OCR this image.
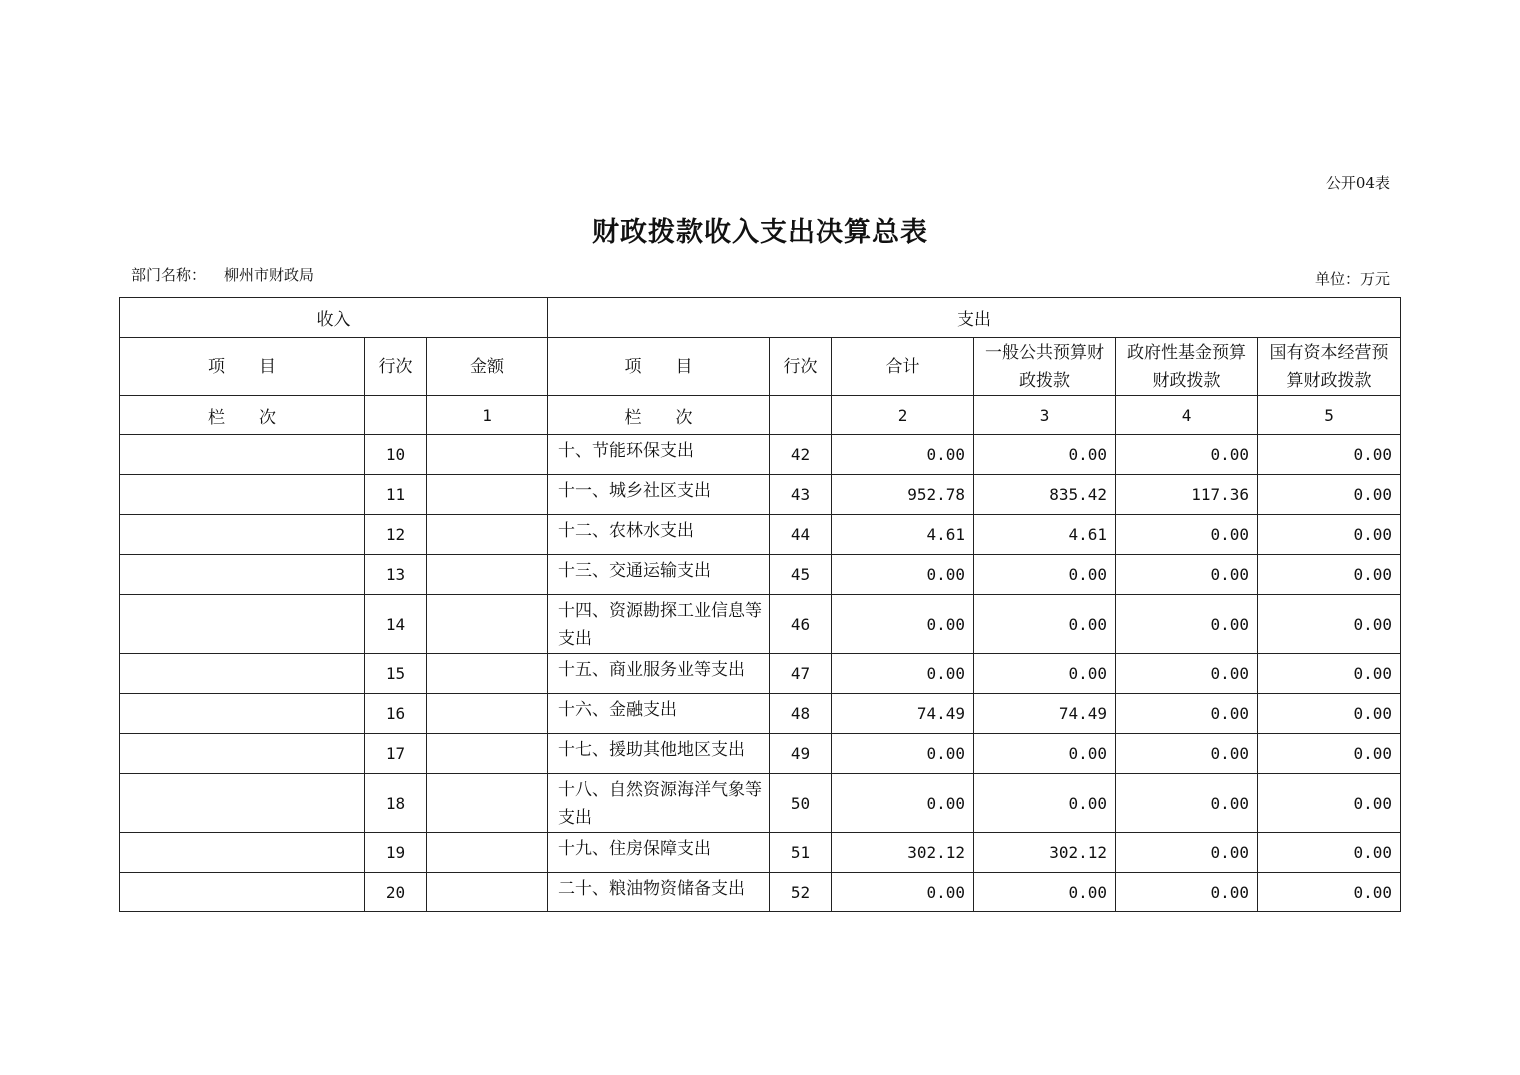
公开04表
财政拨款收入支出决算总表
部门名称： 柳州市财政局	单位：万元
收入			支出					
项　　目	行次	金额	项　　目	行次	合计	一般公共预算财政拨款	政府性基金预算财政拨款	国有资本经营预算财政拨款
栏　　次		1	栏　　次		2	3	4	5
	10		十、节能环保支出	42	0.00	0.00	0.00	0.00
	11		十一、城乡社区支出	43	952.78	835.42	117.36	0.00
	12		十二、农林水支出	44	4.61	4.61	0.00	0.00
	13		十三、交通运输支出	45	0.00	0.00	0.00	0.00
	14		十四、资源勘探工业信息等支出	46	0.00	0.00	0.00	0.00
	15		十五、商业服务业等支出	47	0.00	0.00	0.00	0.00
	16		十六、金融支出	48	74.49	74.49	0.00	0.00
	17		十七、援助其他地区支出	49	0.00	0.00	0.00	0.00
	18		十八、自然资源海洋气象等支出	50	0.00	0.00	0.00	0.00
	19		十九、住房保障支出	51	302.12	302.12	0.00	0.00
	20		二十、粮油物资储备支出	52	0.00	0.00	0.00	0.00
